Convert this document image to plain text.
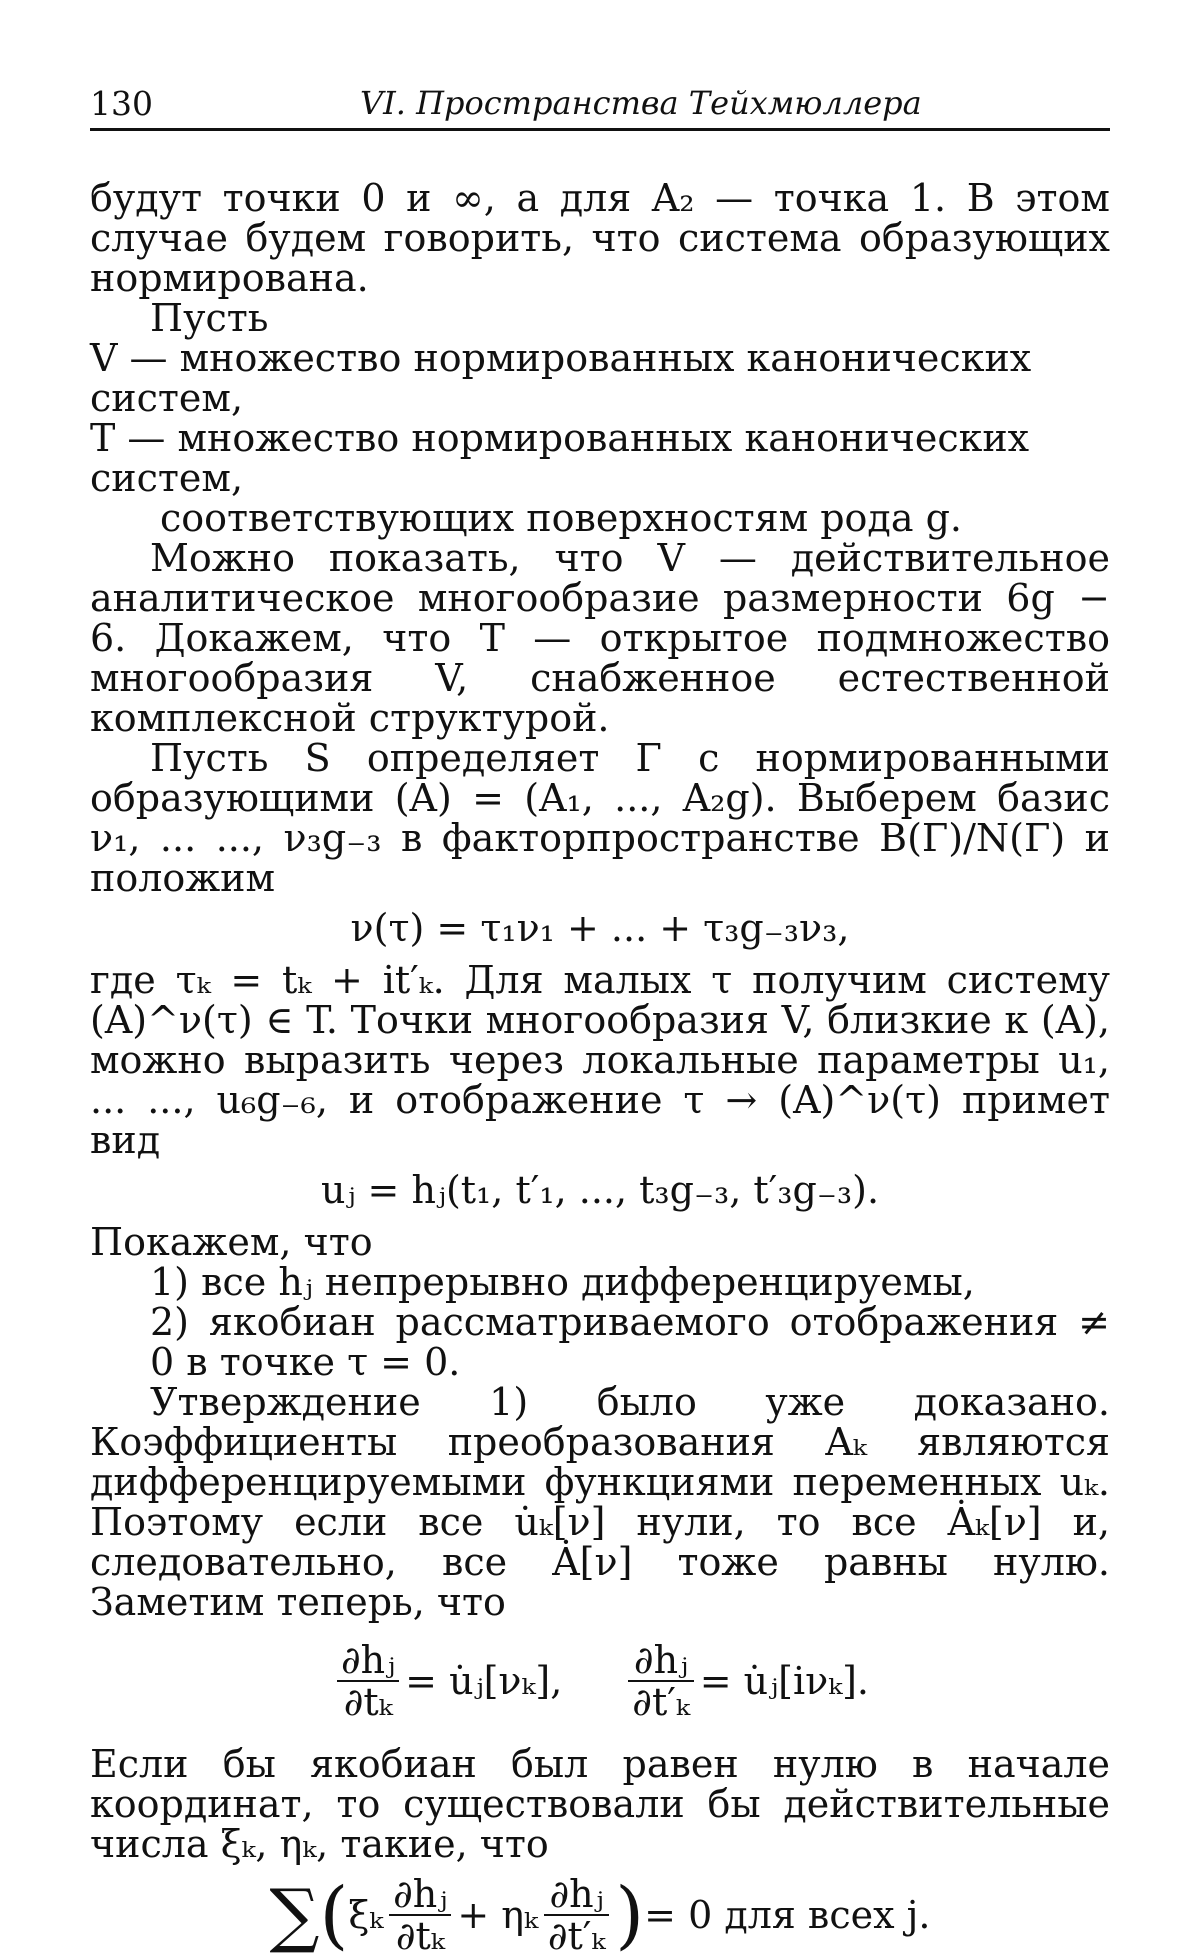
130	VI. Пространства Тейхмюллера

будут точки 0 и ∞, а для A₂ — точка 1. В этом случае будем говорить, что система образующих нормирована.

Пусть

V — множество нормированных канонических систем,

T — множество нормированных канонических систем,

соответствующих поверхностям рода g.

Можно показать, что V — действительное аналитическое многообразие размерности 6g − 6. Докажем, что T — открытое подмножество многообразия V, снабженное естественной комплексной структурой.

Пусть S определяет Γ с нормированными образующими (A) = (A₁, ..., A₂g). Выберем базис ν₁, ... ..., ν₃g₋₃ в факторпространстве B(Γ)/N(Γ) и положим

ν(τ) = τ₁ν₁ + ... + τ₃g₋₃ν₃,

где τₖ = tₖ + it′ₖ. Для малых τ получим систему (A)^ν(τ) ∈ T. Точки многообразия V, близкие к (A), можно выразить через локальные параметры u₁, ... ..., u₆g₋₆, и отображение τ → (A)^ν(τ) примет вид

uⱼ = hⱼ(t₁, t′₁, ..., t₃g₋₃, t′₃g₋₃).

Покажем, что

1) все hⱼ непрерывно дифференцируемы,

2) якобиан рассматриваемого отображения ≠ 0 в точке τ = 0.

Утверждение 1) было уже доказано. Коэффициенты преобразования Aₖ являются дифференцируемыми функциями переменных uₖ. Поэтому если все u̇ₖ[ν] нули, то все Ȧₖ[ν] и, следовательно, все Ȧ[ν] тоже равны нулю. Заметим теперь, что

$\frac{\text{∂hⱼ}}{\text{∂tₖ}}$ = u̇ⱼ[νₖ], $\frac{\text{∂hⱼ}}{\text{∂t′ₖ}}$ = u̇ⱼ[iνₖ].

Если бы якобиан был равен нулю в начале координат, то существовали бы действительные числа ξₖ, ηₖ, такие, что

∑ ( ξₖ $\frac{\text{∂hⱼ}}{\text{∂tₖ}} + \eta_k \frac{\text{∂hⱼ}}{\text{∂t′ₖ}}$ ) = 0 для всех j.
